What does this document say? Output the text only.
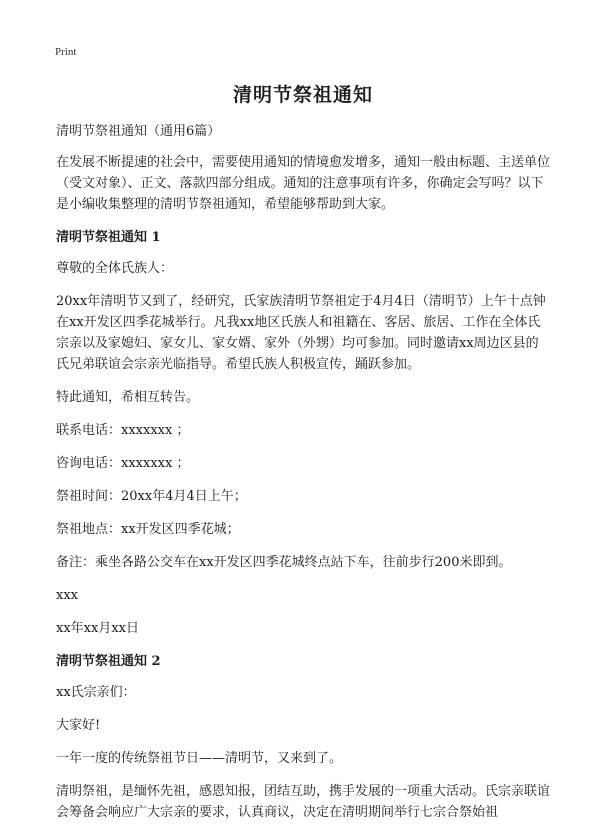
Print
清明节祭祖通知

清明节祭祖通知（通用6篇）

在发展不断提速的社会中，需要使用通知的情境愈发增多，通知一般由标题、主送单位（受文对象）、正文、落款四部分组成。通知的注意事项有许多，你确定会写吗？以下是小编收集整理的清明节祭祖通知，希望能够帮助到大家。

清明节祭祖通知 1

尊敬的全体氏族人：

20xx年清明节又到了，经研究，氏家族清明节祭祖定于4月4日（清明节）上午十点钟在xx开发区四季花城举行。凡我xx地区氏族人和祖籍在、客居、旅居、工作在全体氏宗亲以及家媳妇、家女儿、家女婿、家外（外甥）均可参加。同时邀请xx周边区县的氏兄弟联谊会宗亲光临指导。希望氏族人积极宣传，踊跃参加。

特此通知，希相互转告。

联系电话：xxxxxxx ；

咨询电话：xxxxxxx ；

祭祖时间：20xx年4月4日上午；

祭祖地点：xx开发区四季花城；

备注：乘坐各路公交车在xx开发区四季花城终点站下车，往前步行200米即到。

xxx

xx年xx月xx日

清明节祭祖通知 2

xx氏宗亲们：

大家好!

一年一度的传统祭祖节日——清明节，又来到了。

清明祭祖，是缅怀先祖，感恩知报，团结互助，携手发展的一项重大活动。氏宗亲联谊会筹备会响应广大宗亲的要求，认真商议，决定在清明期间举行七宗合祭始祖
